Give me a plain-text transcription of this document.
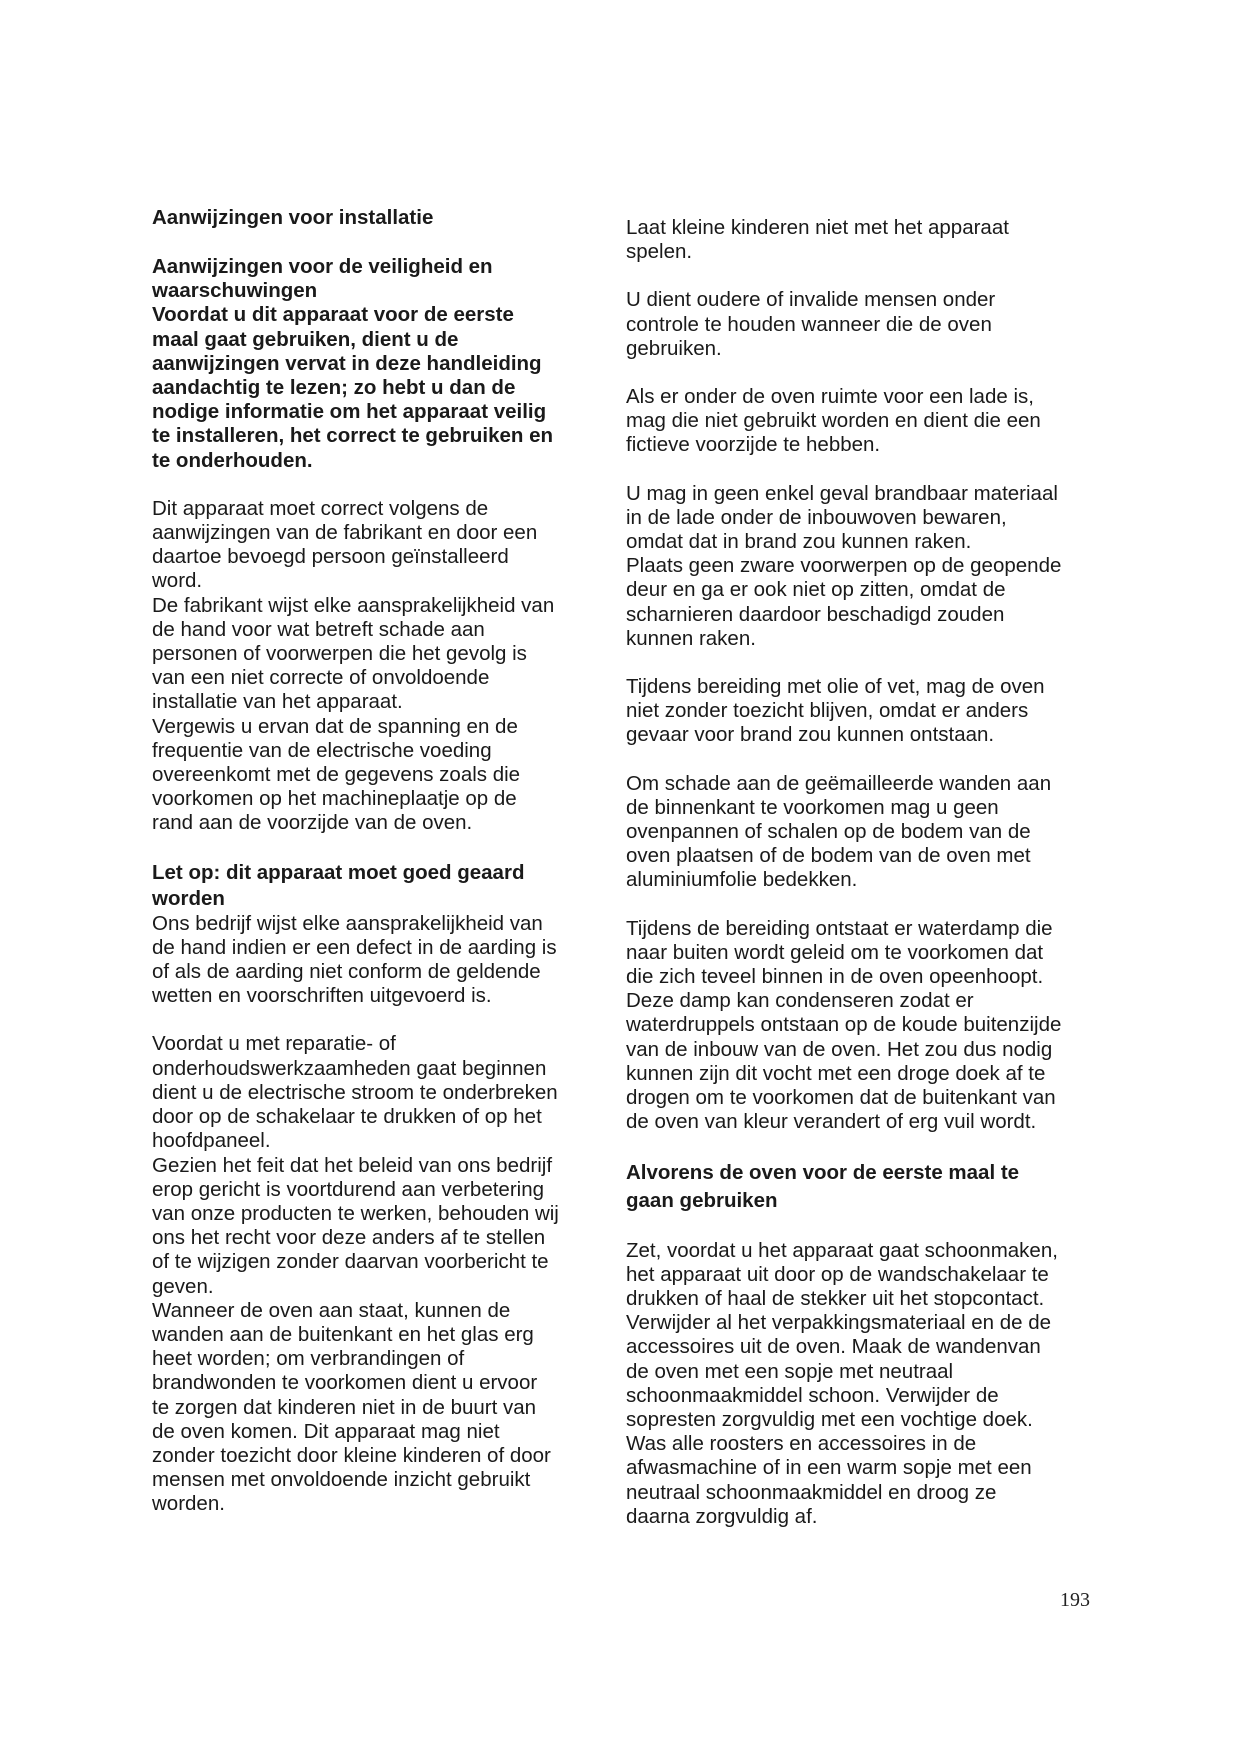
Aanwijzingen voor installatie

Aanwijzingen voor de veiligheid en
waarschuwingen

Voordat u dit apparaat voor de eerste
maal gaat gebruiken, dient u de
aanwijzingen vervat in deze handleiding
aandachtig te lezen; zo hebt u dan de
nodige informatie om het apparaat veilig
te installeren, het correct te gebruiken en
te onderhouden.

Dit apparaat moet correct volgens de
aanwijzingen van de fabrikant en door een
daartoe bevoegd persoon geïnstalleerd
word.
De fabrikant wijst elke aansprakelijkheid van
de hand voor wat betreft schade aan
personen of voorwerpen die het gevolg is
van een niet correcte of onvoldoende
installatie van het apparaat.
Vergewis u ervan dat de spanning en de
frequentie van de electrische voeding
overeenkomt met de gegevens zoals die
voorkomen op het machineplaatje op de
rand aan de voorzijde van de oven.

Let op: dit apparaat moet goed geaard
worden

Ons bedrijf wijst elke aansprakelijkheid van
de hand indien er een defect in de aarding is
of als de aarding niet conform de geldende
wetten en voorschriften uitgevoerd is.

Voordat u met reparatie- of
onderhoudswerkzaamheden gaat beginnen
dient u de electrische stroom te onderbreken
door op de schakelaar te drukken of op het
hoofdpaneel.
Gezien het feit dat het beleid van ons bedrijf
erop gericht is voortdurend aan verbetering
van onze producten te werken, behouden wij
ons het recht voor deze anders af te stellen
of te wijzigen zonder daarvan voorbericht te
geven.
Wanneer de oven aan staat, kunnen de
wanden aan de buitenkant en het glas erg
heet worden; om verbrandingen of
brandwonden te voorkomen dient u ervoor
te zorgen dat kinderen niet in de buurt van
de oven komen. Dit apparaat mag niet
zonder toezicht door kleine kinderen of door
mensen met onvoldoende inzicht gebruikt
worden.

Laat kleine kinderen niet met het apparaat
spelen.

U dient oudere of invalide mensen onder
controle te houden wanneer die de oven
gebruiken.

Als er onder de oven ruimte voor een lade is,
mag die niet gebruikt worden en dient die een
fictieve voorzijde te hebben.

U mag in geen enkel geval brandbaar materiaal
in de lade onder de inbouwoven bewaren,
omdat dat in brand zou kunnen raken.
Plaats geen zware voorwerpen op de geopende
deur en ga er ook niet op zitten, omdat de
scharnieren daardoor beschadigd zouden
kunnen raken.

Tijdens bereiding met olie of vet, mag de oven
niet zonder toezicht blijven, omdat er anders
gevaar voor brand zou kunnen ontstaan.

Om schade aan de geëmailleerde wanden aan
de binnenkant te voorkomen mag u geen
ovenpannen of schalen op de bodem van de
oven plaatsen of de bodem van de oven met
aluminiumfolie bedekken.

Tijdens de bereiding ontstaat er waterdamp die
naar buiten wordt geleid om te voorkomen dat
die zich teveel binnen in de oven opeenhoopt.
Deze damp kan condenseren zodat er
waterdruppels ontstaan op de koude buitenzijde
van de inbouw van de oven. Het zou dus nodig
kunnen zijn dit vocht met een droge doek af te
drogen om te voorkomen dat de buitenkant van
de oven van kleur verandert of erg vuil wordt.

Alvorens de oven voor de eerste maal te
gaan gebruiken

Zet, voordat u het apparaat gaat schoonmaken,
het apparaat uit door op de wandschakelaar te
drukken of haal de stekker uit het stopcontact.
Verwijder al het verpakkingsmateriaal en de de
accessoires uit de oven. Maak de wandenvan
de oven met een sopje met neutraal
schoonmaakmiddel schoon. Verwijder de
sopresten zorgvuldig met een vochtige doek.
Was alle roosters en accessoires in de
afwasmachine of in een warm sopje met een
neutraal schoonmaakmiddel en droog ze
daarna zorgvuldig af.

193
